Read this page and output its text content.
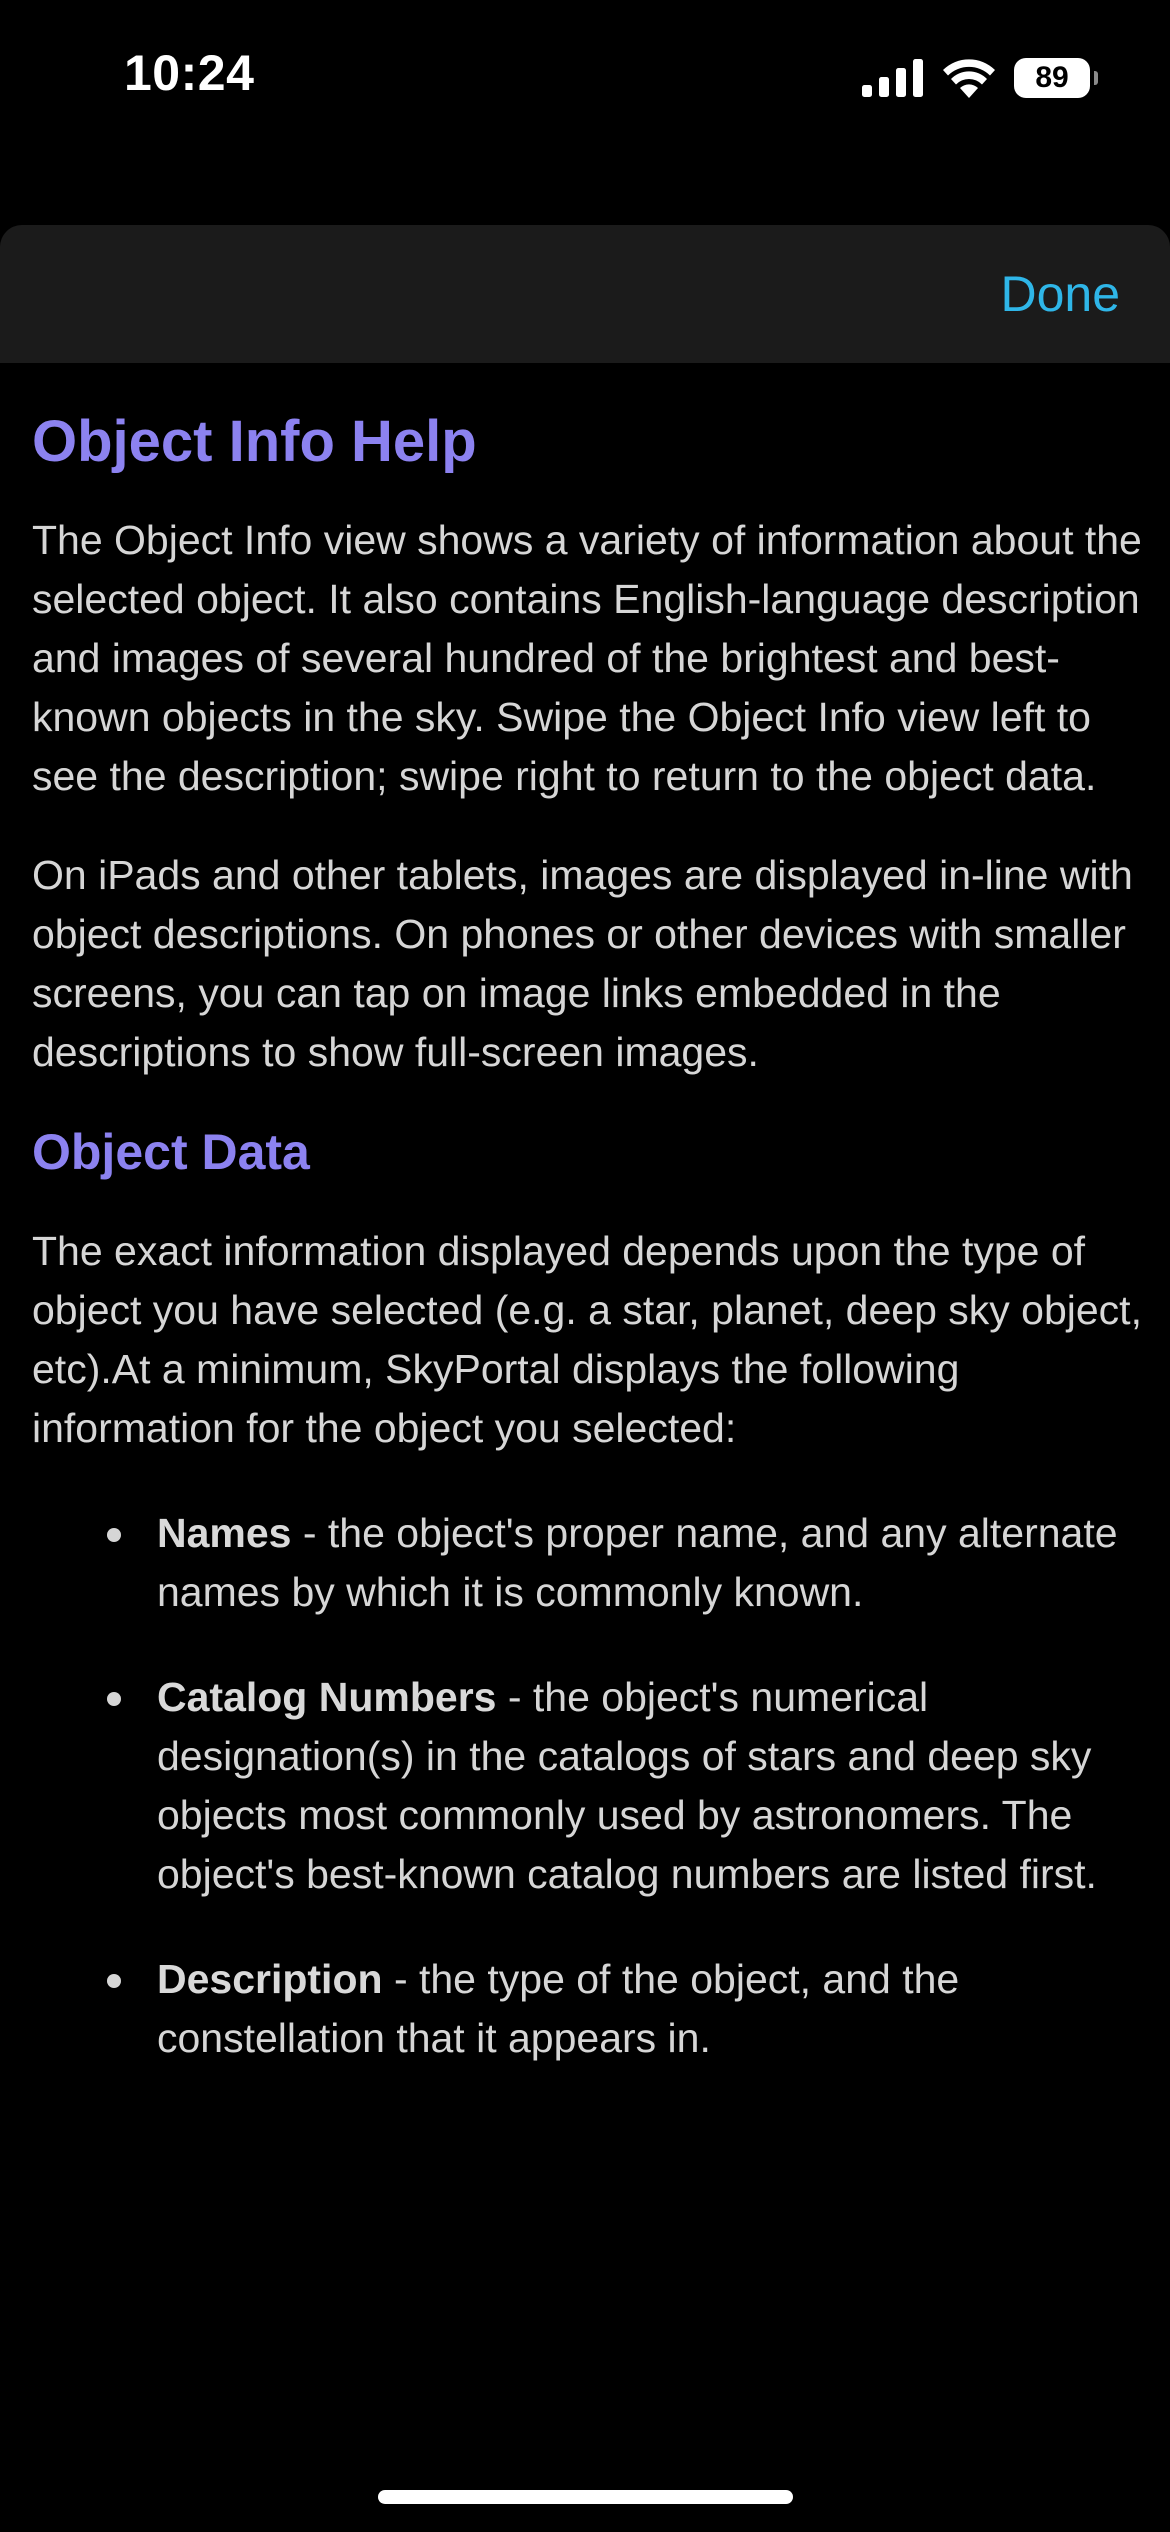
10:24	89
Done
Object Info Help

The Object Info view shows a variety of information about the selected object. It also contains English-language description and images of several hundred of the brightest and best-known objects in the sky. Swipe the Object Info view left to see the description; swipe right to return to the object data.

On iPads and other tablets, images are displayed in-line with object descriptions. On phones or other devices with smaller screens, you can tap on image links embedded in the descriptions to show full-screen images.

Object Data

The exact information displayed depends upon the type of object you have selected (e.g. a star, planet, deep sky object, etc).At a minimum, SkyPortal displays the following information for the object you selected:

Names - the object's proper name, and any alternate names by which it is commonly known.
Catalog Numbers - the object's numerical designation(s) in the catalogs of stars and deep sky objects most commonly used by astronomers. The object's best-known catalog numbers are listed first.
Description - the type of the object, and the constellation that it appears in.
